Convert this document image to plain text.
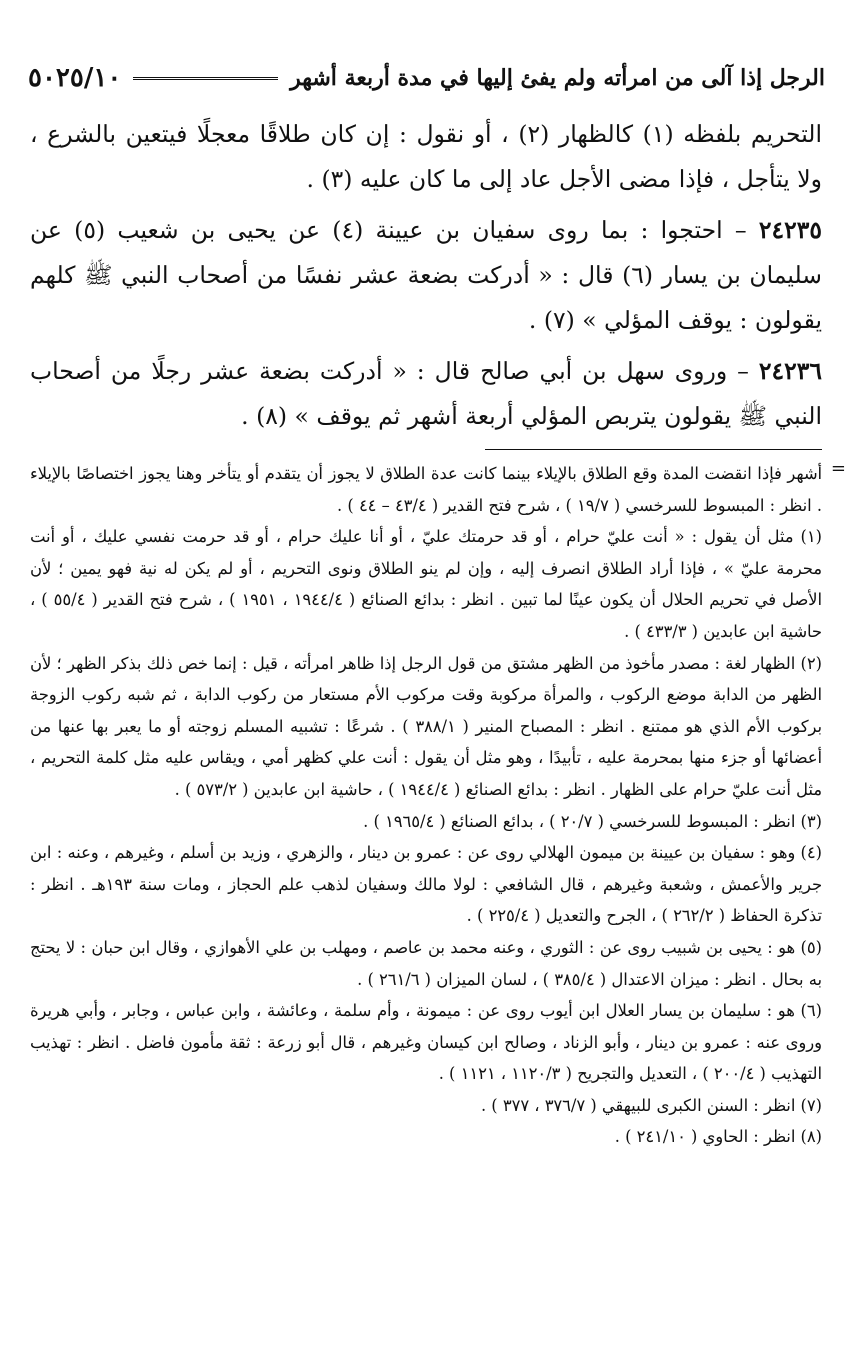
٥٠٢٥/١٠	الرجل إذا آلى من امرأته ولم يفئ إليها في مدة أربعة أشهر

التحريم بلفظه (١) كالظهار (٢) ، أو نقول : إن كان طلاقًا معجلًا فيتعين بالشرع ، ولا يتأجل ، فإذا مضى الأجل عاد إلى ما كان عليه (٣) .

٢٤٢٣٥ – احتجوا : بما روى سفيان بن عيينة (٤) عن يحيى بن شعيب (٥) عن سليمان بن يسار (٦) قال : « أدركت بضعة عشر نفسًا من أصحاب النبي ﷺ كلهم يقولون : يوقف المؤلي » (٧) .

٢٤٢٣٦ – وروى سهل بن أبي صالح قال : « أدركت بضعة عشر رجلًا من أصحاب النبي ﷺ يقولون يتربص المؤلي أربعة أشهر ثم يوقف » (٨) .

=

أشهر فإذا انقضت المدة وقع الطلاق بالإيلاء بينما كانت عدة الطلاق لا يجوز أن يتقدم أو يتأخر وهنا يجوز اختصاصًا بالإيلاء . انظر : المبسوط للسرخسي ( ١٩/٧ ) ، شرح فتح القدير ( ٤٣/٤ – ٤٤ ) .

(١) مثل أن يقول : « أنت عليّ حرام ، أو قد حرمتك عليّ ، أو أنا عليك حرام ، أو قد حرمت نفسي عليك ، أو أنت محرمة عليّ » ، فإذا أراد الطلاق انصرف إليه ، وإن لم ينو الطلاق ونوى التحريم ، أو لم يكن له نية فهو يمين ؛ لأن الأصل في تحريم الحلال أن يكون عينًا لما تبين . انظر : بدائع الصنائع ( ١٩٤٤/٤ ، ١٩٥١ ) ، شرح فتح القدير ( ٥٥/٤ ) ، حاشية ابن عابدين ( ٤٣٣/٣ ) .

(٢) الظهار لغة : مصدر مأخوذ من الظهر مشتق من قول الرجل إذا ظاهر امرأته ، قيل : إنما خص ذلك بذكر الظهر ؛ لأن الظهر من الدابة موضع الركوب ، والمرأة مركوبة وقت مركوب الأم مستعار من ركوب الدابة ، ثم شبه ركوب الزوجة بركوب الأم الذي هو ممتنع . انظر : المصباح المنير ( ٣٨٨/١ ) . شرعًا : تشبيه المسلم زوجته أو ما يعبر بها عنها من أعضائها أو جزء منها بمحرمة عليه ، تأبيدًا ، وهو مثل أن يقول : أنت علي كظهر أمي ، ويقاس عليه مثل كلمة التحريم ، مثل أنت عليّ حرام على الظهار . انظر : بدائع الصنائع ( ١٩٤٤/٤ ) ، حاشية ابن عابدين ( ٥٧٣/٢ ) .

(٣) انظر : المبسوط للسرخسي ( ٢٠/٧ ) ، بدائع الصنائع ( ١٩٦٥/٤ ) .

(٤) وهو : سفيان بن عيينة بن ميمون الهلالي روى عن : عمرو بن دينار ، والزهري ، وزيد بن أسلم ، وغيرهم ، وعنه : ابن جرير والأعمش ، وشعبة وغيرهم ، قال الشافعي : لولا مالك وسفيان لذهب علم الحجاز ، ومات سنة ١٩٣هـ . انظر : تذكرة الحفاظ ( ٢٦٢/٢ ) ، الجرح والتعديل ( ٢٢٥/٤ ) .

(٥) هو : يحيى بن شبيب روى عن : الثوري ، وعنه محمد بن عاصم ، ومهلب بن علي الأهوازي ، وقال ابن حبان : لا يحتج به بحال . انظر : ميزان الاعتدال ( ٣٨٥/٤ ) ، لسان الميزان ( ٢٦١/٦ ) .

(٦) هو : سليمان بن يسار العلال ابن أيوب روى عن : ميمونة ، وأم سلمة ، وعائشة ، وابن عباس ، وجابر ، وأبي هريرة وروى عنه : عمرو بن دينار ، وأبو الزناد ، وصالح ابن كيسان وغيرهم ، قال أبو زرعة : ثقة مأمون فاضل . انظر : تهذيب التهذيب ( ٢٠٠/٤ ) ، التعديل والتجريح ( ١١٢٠/٣ ، ١١٢١ ) .

(٧) انظر : السنن الكبرى للبيهقي ( ٣٧٦/٧ ، ٣٧٧ ) .

(٨) انظر : الحاوي ( ٢٤١/١٠ ) .
